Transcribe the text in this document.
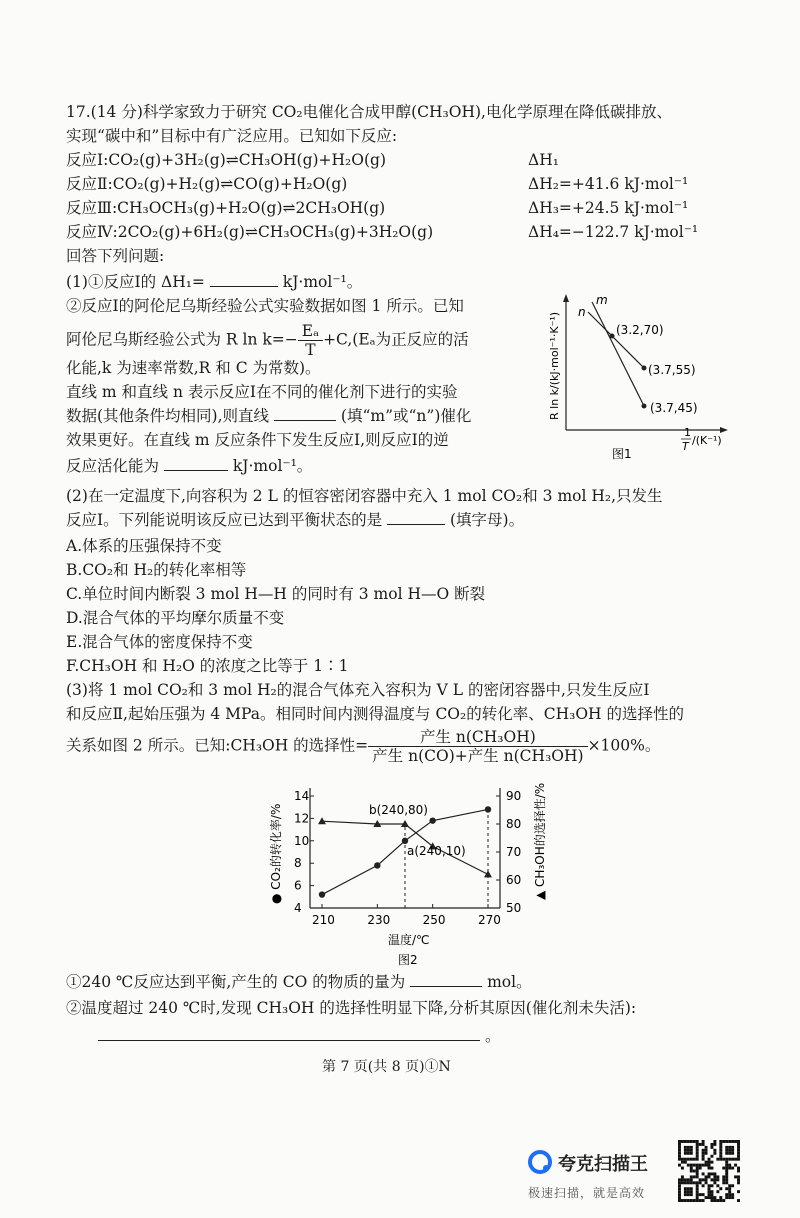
17.(14 分)科学家致力于研究 CO₂电催化合成甲醇(CH₃OH),电化学原理在降低碳排放、
实现“碳中和”目标中有广泛应用。已知如下反应:
反应Ⅰ:CO₂(g)+3H₂(g)⇌CH₃OH(g)+H₂O(g)	ΔH₁
反应Ⅱ:CO₂(g)+H₂(g)⇌CO(g)+H₂O(g)	ΔH₂=+41.6 kJ·mol⁻¹
反应Ⅲ:CH₃OCH₃(g)+H₂O(g)⇌2CH₃OH(g)	ΔH₃=+24.5 kJ·mol⁻¹
反应Ⅳ:2CO₂(g)+6H₂(g)⇌CH₃OCH₃(g)+3H₂O(g)	ΔH₄=−122.7 kJ·mol⁻¹
回答下列问题:
(1)①反应Ⅰ的 ΔH₁=	kJ·mol⁻¹。
②反应Ⅰ的阿伦尼乌斯经验公式实验数据如图 1 所示。已知
阿伦尼乌斯经验公式为 R $\ln k=- \frac{\text{Eₐ}}{T} +C,(E_a$为正反应的活
化能,k 为速率常数,R 和 C 为常数)。
直线 m 和直线 n 表示反应Ⅰ在不同的催化剂下进行的实验
数据(其他条件均相同),则直线	(填“m”或“n”)催化
效果更好。在直线 m 反应条件下发生反应Ⅰ,则反应Ⅰ的逆
反应活化能为	kJ·mol⁻¹。
m
n
(3.2,70)
(3.7,55)
(3.7,45)
R ln k/(kJ·mol⁻¹·K⁻¹)
1
T /(K⁻¹)
图1
(2)在一定温度下,向容积为 2 L 的恒容密闭容器中充入 1 mol CO₂和 3 mol H₂,只发生
反应Ⅰ。下列能说明该反应已达到平衡状态的是	(填字母)。
A.体系的压强保持不变
B.CO₂和 H₂的转化率相等
C.单位时间内断裂 3 mol H—H 的同时有 3 mol H—O 断裂
D.混合气体的平均摩尔质量不变
E.混合气体的密度保持不变
F.CH₃OH 和 H₂O 的浓度之比等于 1∶1
(3)将 1 mol CO₂和 3 mol H₂的混合气体充入容积为 V L 的密闭容器中,只发生反应Ⅰ
和反应Ⅱ,起始压强为 4 MPa。相同时间内测得温度与 CO₂的转化率、CH₃OH 的选择性的
关系如图 2 所示。已知:CH₃OH 的选择性= $\frac{\text{产生 n(CH₃OH)}}{\text{产生 n(CO)+产生 n(CH₃OH)}} \times 100\%$。
● CO₂的转化率/%	▲ CH₃OH的选择性/%
温度/℃
图2
210	230	250	270
4
6
8
10
12
14
50
60
70
80
90
a(240,10)
b(240,80)
①240 ℃反应达到平衡,产生的 CO 的物质的量为	mol。
②温度超过 240 ℃时,发现 CH₃OH 的选择性明显下降,分析其原因(催化剂未失活):
。
第 7 页(共 8 页)①N
夸克扫描王
极速扫描，就是高效
